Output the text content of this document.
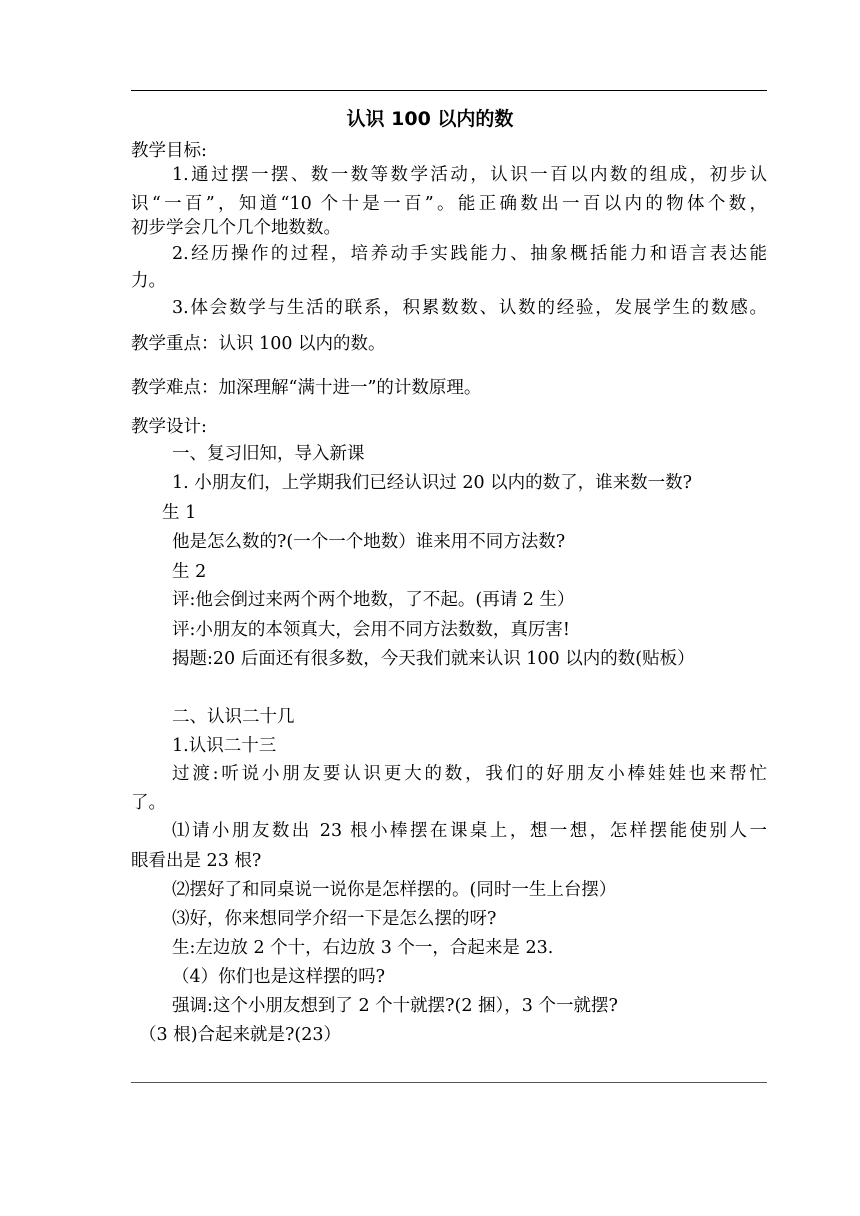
认识 100 以内的数
教学目标:
1.通过摆一摆、数一数等数学活动，认识一百以内数的组成，初步认
识“一百”，知道“10 个十是一百”。能正确数出一百以内的物体个数，
初步学会几个几个地数数。
2.经历操作的过程，培养动手实践能力、抽象概括能力和语言表达能
力。
3.体会数学与生活的联系，积累数数、认数的经验，发展学生的数感。
教学重点：认识 100 以内的数。
教学难点：加深理解“满十进一”的计数原理。
教学设计:
一、复习旧知，导入新课
1. 小朋友们，上学期我们已经认识过 20 以内的数了，谁来数一数?
生 1
他是怎么数的?(一个一个地数）谁来用不同方法数?
生 2
评:他会倒过来两个两个地数，了不起。(再请 2 生）
评:小朋友的本领真大，会用不同方法数数，真厉害!
揭题:20 后面还有很多数，今天我们就来认识 100 以内的数(贴板）
二、认识二十几
1.认识二十三
过渡:听说小朋友要认识更大的数，我们的好朋友小棒娃娃也来帮忙
了。
⑴请小朋友数出 23 根小棒摆在课桌上，想一想，怎样摆能使别人一
眼看出是 23 根?
⑵摆好了和同桌说一说你是怎样摆的。(同时一生上台摆）
⑶好，你来想同学介绍一下是怎么摆的呀?
生:左边放 2 个十，右边放 3 个一，合起来是 23.
（4）你们也是这样摆的吗?
强调:这个小朋友想到了 2 个十就摆?(2 捆），3 个一就摆?
（3 根)合起来就是?(23）
